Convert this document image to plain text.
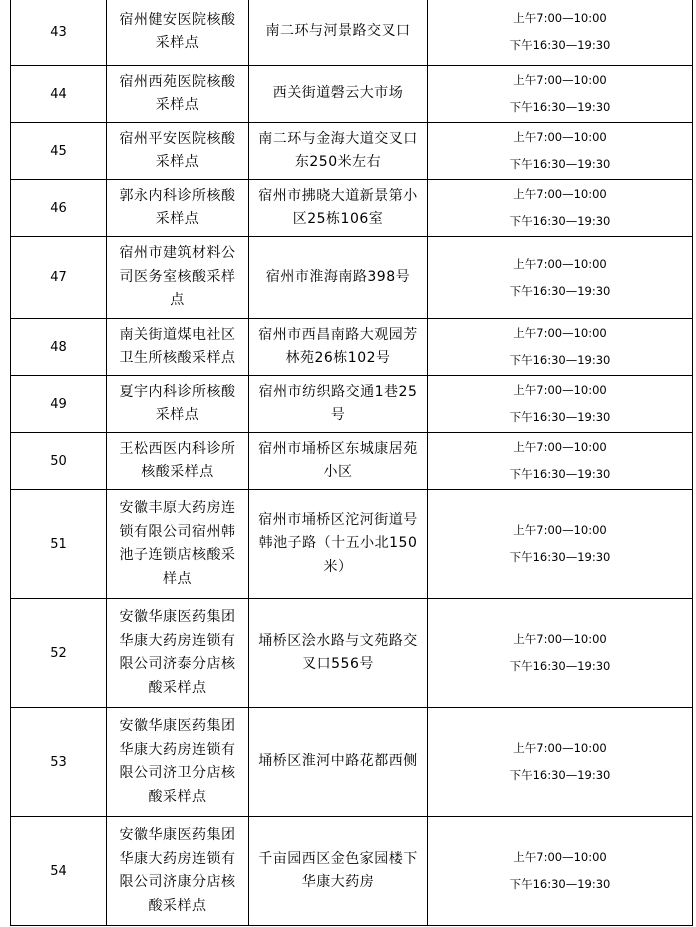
43	宿州健安医院核酸采样点	南二环与河景路交叉口	上午7:00—10:00
下午16:30—19:30

44	宿州西苑医院核酸采样点	西关街道磬云大市场	上午7:00—10:00
下午16:30—19:30

45	宿州平安医院核酸采样点	南二环与金海大道交叉口东250米左右	上午7:00—10:00
下午16:30—19:30

46	郭永内科诊所核酸采样点	宿州市拂晓大道新景第小区25栋106室	上午7:00—10:00
下午16:30—19:30

47	宿州市建筑材料公司医务室核酸采样点	宿州市淮海南路398号	上午7:00—10:00
下午16:30—19:30

48	南关街道煤电社区卫生所核酸采样点	宿州市西昌南路大观园芳林苑26栋102号	上午7:00—10:00
下午16:30—19:30

49	夏宇内科诊所核酸采样点	宿州市纺织路交通1巷25号	上午7:00—10:00
下午16:30—19:30

50	王松西医内科诊所核酸采样点	宿州市埇桥区东城康居苑小区	上午7:00—10:00
下午16:30—19:30

51	安徽丰原大药房连锁有限公司宿州韩池子连锁店核酸采样点	宿州市埇桥区沱河街道号韩池子路（十五小北150米）	上午7:00—10:00
下午16:30—19:30

52	安徽华康医药集团华康大药房连锁有限公司济泰分店核酸采样点	埇桥区浍水路与文苑路交叉口556号	上午7:00—10:00
下午16:30—19:30

53	安徽华康医药集团华康大药房连锁有限公司济卫分店核酸采样点	埇桥区淮河中路花都西侧	上午7:00—10:00
下午16:30—19:30

54	安徽华康医药集团华康大药房连锁有限公司济康分店核酸采样点	千亩园西区金色家园楼下华康大药房	上午7:00—10:00
下午16:30—19:30
